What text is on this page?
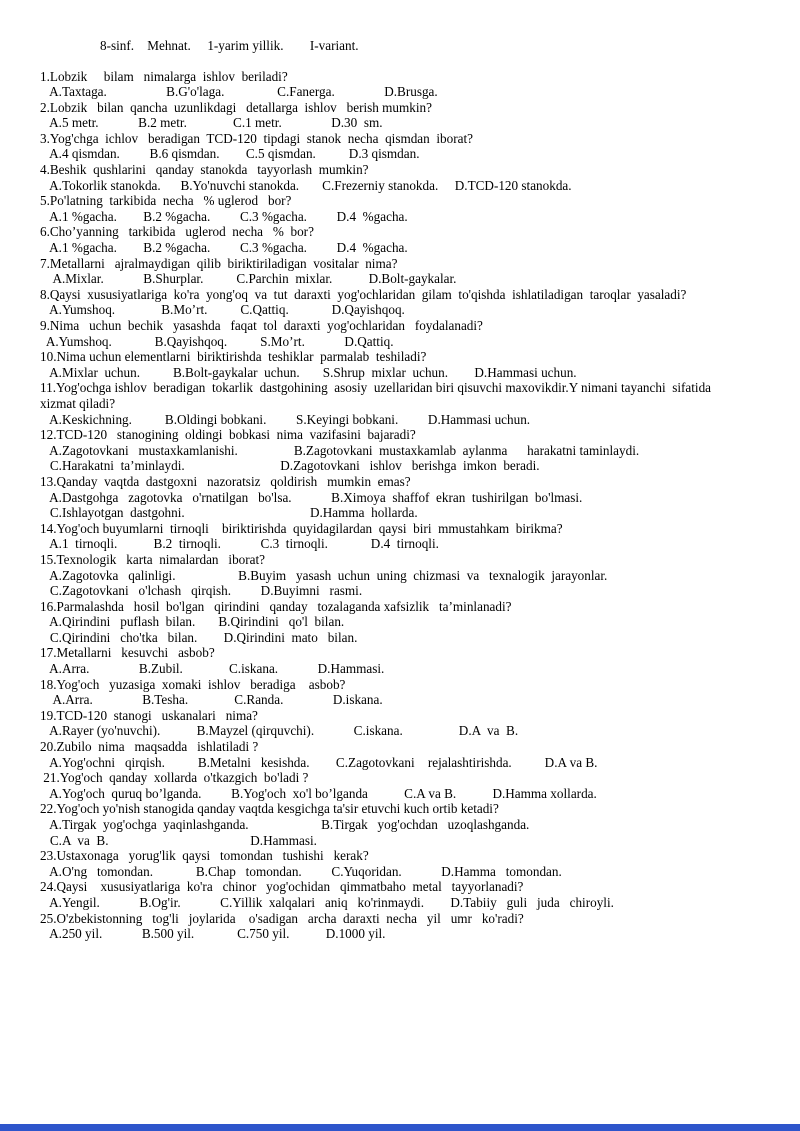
8-sinf.    Mehnat.     1-yarim yillik.        I-variant.
1.Lobzik     bilam   nimalarga  ishlov  beriladi?
A.Taxtaga.                  B.G'o'laga.                C.Fanerga.               D.Brusga.
2.Lobzik   bilan  qancha  uzunlikdagi   detallarga  ishlov   berish mumkin?
A.5 metr.            B.2 metr.              C.1 metr.               D.30  sm.
3.Yog'chga  ichlov   beradigan  TCD-120  tipdagi  stanok  necha  qismdan  iborat?
A.4 qismdan.         B.6 qismdan.        C.5 qismdan.          D.3 qismdan.
4.Beshik  qushlarini   qanday  stanokda   tayyorlash  mumkin?
A.Tokorlik stanokda.      B.Yo'nuvchi stanokda.       C.Frezerniy stanokda.     D.TCD-120 stanokda.
5.Po'latning  tarkibida  necha   % uglerod   bor?
A.1 %gacha.        B.2 %gacha.         C.3 %gacha.         D.4  %gacha.
6.Cho’yanning   tarkibida   uglerod  necha   %  bor?
A.1 %gacha.        B.2 %gacha.         C.3 %gacha.         D.4  %gacha.
7.Metallarni   ajralmaydigan  qilib  biriktiriladigan  vositalar  nima?
A.Mixlar.            B.Shurplar.          C.Parchin  mixlar.           D.Bolt-gaykalar.
8.Qaysi  xususiyatlariga  ko'ra  yong'oq  va  tut  daraxti  yog'ochlaridan  gilam  to'qishda  ishlatiladigan  taroqlar  yasaladi?
A.Yumshoq.              B.Mo’rt.          C.Qattiq.             D.Qayishqoq.
9.Nima   uchun  bechik   yasashda   faqat  tol  daraxti  yog'ochlaridan   foydalanadi?
A.Yumshoq.             B.Qayishqoq.          S.Mo’rt.            D.Qattiq.
10.Nima uchun elementlarni  biriktirishda  teshiklar  parmalab  teshiladi?
A.Mixlar  uchun.          B.Bolt-gaykalar  uchun.       S.Shrup  mixlar  uchun.        D.Hammasi uchun.
11.Yog'ochga ishlov  beradigan  tokarlik  dastgohining  asosiy  uzellaridan biri qisuvchi maxovikdir.Y nimani tayanchi  sifatida
xizmat qiladi?
A.Keskichning.          B.Oldingi bobkani.         S.Keyingi bobkani.         D.Hammasi uchun.
12.TCD-120   stanogining  oldingi  bobkasi  nima  vazifasini  bajaradi?
A.Zagotovkani   mustaxkamlanishi.                 B.Zagotovkani  mustaxkamlab  aylanma      harakatni taminlaydi.
C.Harakatni  ta’minlaydi.                             D.Zagotovkani   ishlov   berishga  imkon  beradi.
13.Qanday  vaqtda  dastgoxni   nazoratsiz   qoldirish   mumkin  emas?
A.Dastgohga   zagotovka   o'rnatilgan   bo'lsa.            B.Ximoya  shaffof  ekran  tushirilgan  bo'lmasi.
C.Ishlayotgan  dastgohni.                                      D.Hamma  hollarda.
14.Yog'och buyumlarni  tirnoqli    biriktirishda  quyidagilardan  qaysi  biri  mmustahkam  birikma?
A.1  tirnoqli.           B.2  tirnoqli.            C.3  tirnoqli.             D.4  tirnoqli.
15.Texnologik   karta  nimalardan   iborat?
A.Zagotovka   qalinligi.                   B.Buyim   yasash  uchun  uning  chizmasi  va   texnalogik  jarayonlar.
C.Zagotovkani   o'lchash   qirqish.         D.Buyimni   rasmi.
16.Parmalashda   hosil  bo'lgan   qirindini   qanday   tozalaganda xafsizlik   ta’minlanadi?
A.Qirindini   puflash  bilan.       B.Qirindini   qo'l  bilan.
C.Qirindini   cho'tka   bilan.        D.Qirindini  mato   bilan.
17.Metallarni   kesuvchi   asbob?
A.Arra.               B.Zubil.              C.iskana.            D.Hammasi.
18.Yog'och   yuzasiga  xomaki  ishlov   beradiga    asbob?
A.Arra.               B.Tesha.              C.Randa.               D.iskana.
19.TCD-120  stanogi   uskanalari   nima?
A.Rayer (yo'nuvchi).           B.Mayzel (qirquvchi).            C.iskana.                 D.A  va  B.
20.Zubilo  nima   maqsadda   ishlatiladi ?
A.Yog'ochni   qirqish.          B.Metalni   kesishda.        C.Zagotovkani    rejalashtirishda.          D.A va B.
21.Yog'och  qanday  xollarda  o'tkazgich  bo'ladi ?
A.Yog'och  quruq bo’lganda.         B.Yog'och  xo'l bo’lganda           C.A va B.           D.Hamma xollarda.
22.Yog'och yo'nish stanogida qanday vaqtda kesgichga ta'sir etuvchi kuch ortib ketadi?
A.Tirgak  yog'ochga  yaqinlashganda.                      B.Tirgak   yog'ochdan   uzoqlashganda.
C.A  va  B.                                           D.Hammasi.
23.Ustaxonaga   yorug'lik  qaysi   tomondan   tushishi   kerak?
A.O'ng   tomondan.             B.Chap   tomondan.         C.Yuqoridan.            D.Hamma   tomondan.
24.Qaysi    xususiyatlariga  ko'ra   chinor   yog'ochidan   qimmatbaho  metal   tayyorlanadi?
A.Yengil.            B.Og'ir.            C.Yillik  xalqalari   aniq   ko'rinmaydi.        D.Tabiiy   guli   juda   chiroyli.
25.O'zbekistonning   tog'li   joylarida    o'sadigan   archa  daraxti  necha   yil   umr   ko'radi?
A.250 yil.            B.500 yil.             C.750 yil.           D.1000 yil.
